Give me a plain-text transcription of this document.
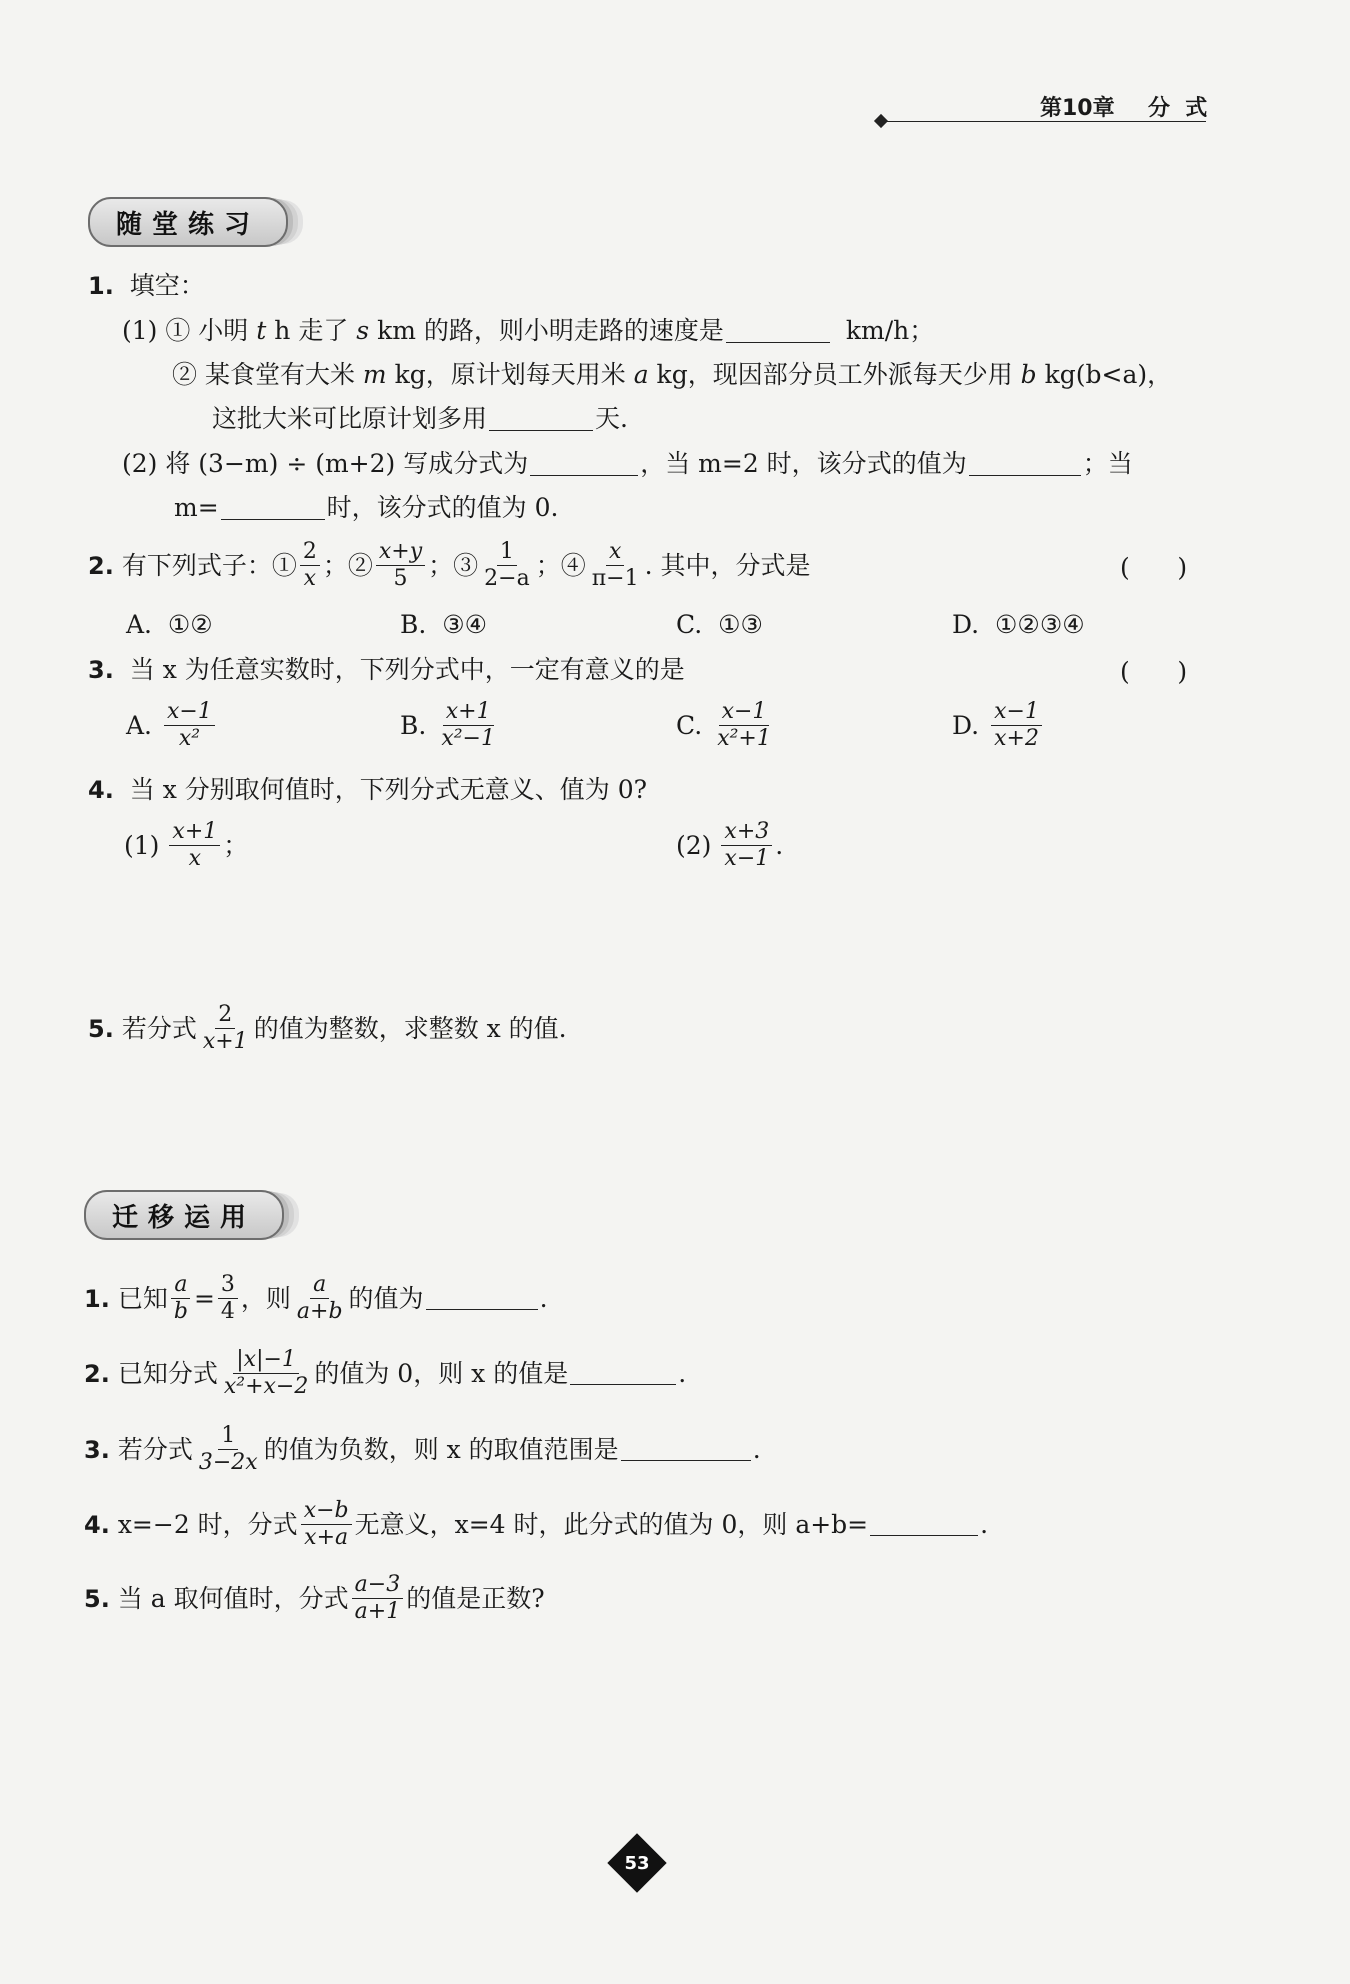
第10章 分  式
随堂练习
1. 填空：
(1) ① 小明 t h 走了 s km 的路，则小明走路的速度是	km/h；
② 某食堂有大米 m kg，原计划每天用米 a kg，现因部分员工外派每天少用 b kg(b<a)，
这批大米可比原计划多用	天.
(2) 将 (3−m) ÷ (m+2) 写成分式为	，当 m=2 时，该分式的值为	；当
m=	时，该分式的值为 0.
2. 有下列式子：① $\frac{2}{x}$ ；② $\frac{x+y}{5}$ ；③ $\frac{1}{2-a}$ ；④ $\frac{x}{\pi-1}$ . 其中，分式是	(      )
A.  ①②	B.  ③④	C.  ①③	D.  ①②③④
3. 当 x 为任意实数时，下列分式中，一定有意义的是	(      )
A. $\frac{x-1}{\text{x²}}$	B. $\frac{x+1}{\text{x²−1}}$	C. $\frac{x-1}{\text{x²+1}}$	D. $\frac{x-1}{x+2}$
4. 当 x 分别取何值时，下列分式无意义、值为 0?
$(1) \frac{x+1}{x}$ ；	$(2) \frac{x+3}{x-1}$ .
5. 若分式 $\frac{2}{x+1}$ 的值为整数，求整数 x 的值.
迁移运用
1. 已知 $\frac{a}{b} = \frac{3}{4}$ ，则 $\frac{a}{a+b}$ 的值为	.
2. 已知分式 $\frac{|x|-1}{\text{x²+x−2}}$ 的值为 0，则 x 的值是	.
3. 若分式 $\frac{1}{3-2x}$ 的值为负数，则 x 的取值范围是	.
4. x=−2 时，分式 $\frac{x-b}{x+a}$ 无意义，x=4 时，此分式的值为 0，则 a+b=	.
5. 当 a 取何值时，分式 $\frac{a-3}{a+1}$ 的值是正数?
53
